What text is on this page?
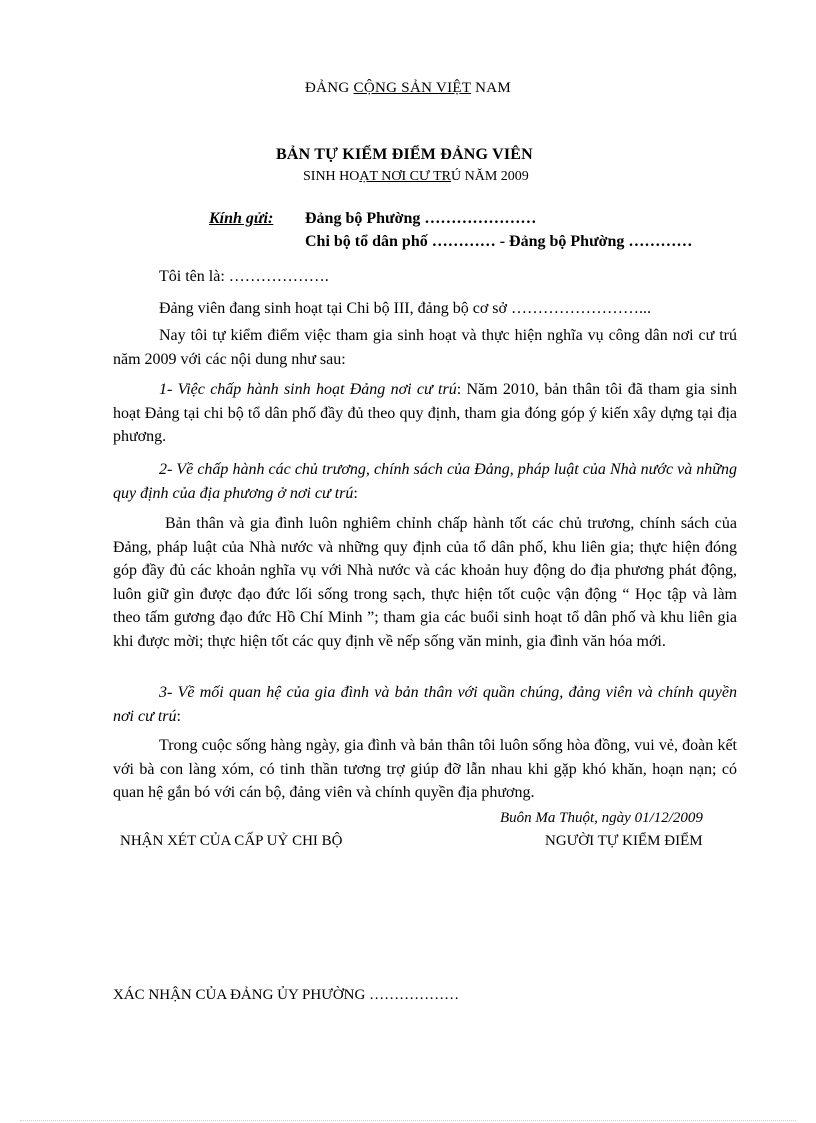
ĐẢNG CỘNG SẢN VIỆT NAM
BẢN TỰ KIỂM ĐIỂM ĐẢNG VIÊN
SINH HOẠT NƠI CƯ TRÚ NĂM 2009
Kính gửi: Đảng bộ Phường …………………
Chi bộ tổ dân phố ………… - Đảng bộ Phường …………
Tôi tên là: ……………….
Đảng viên đang sinh hoạt tại Chi bộ III, đảng bộ cơ sở ……………………...
Nay tôi tự kiểm điểm việc tham gia sinh hoạt và thực hiện nghĩa vụ công dân nơi cư trú năm 2009 với các nội dung như sau:
1- Việc chấp hành sinh hoạt Đảng nơi cư trú: Năm 2010, bản thân tôi đã tham gia sinh hoạt Đảng tại chi bộ tổ dân phố đầy đủ theo quy định, tham gia đóng góp ý kiến xây dựng tại địa phương.
2- Về chấp hành các chủ trương, chính sách của Đảng, pháp luật của Nhà nước và những quy định của địa phương ở nơi cư trú:
Bản thân và gia đình luôn nghiêm chỉnh chấp hành tốt các chủ trương, chính sách của Đảng, pháp luật của Nhà nước và những quy định của tổ dân phố, khu liên gia; thực hiện đóng góp đầy đủ các khoản nghĩa vụ với Nhà nước và các khoản huy động do địa phương phát động, luôn giữ gìn được đạo đức lối sống trong sạch, thực hiện tốt cuộc vận động “ Học tập và làm theo tấm gương đạo đức Hồ Chí Minh ”; tham gia các buổi sinh hoạt tổ dân phố và khu liên gia khi được mời; thực hiện tốt các quy định về nếp sống văn minh, gia đình văn hóa mới.
3- Về mối quan hệ của gia đình và bản thân với quần chúng, đảng viên và chính quyền nơi cư trú:
Trong cuộc sống hàng ngày, gia đình và bản thân tôi luôn sống hòa đồng, vui vẻ, đoàn kết với bà con làng xóm, có tinh thần tương trợ giúp đỡ lẫn nhau khi gặp khó khăn, hoạn nạn; có quan hệ gắn bó với cán bộ, đảng viên và chính quyền địa phương.
Buôn Ma Thuột, ngày 01/12/2009
NHẬN XÉT CỦA CẤP UỶ CHI BỘ	NGƯỜI TỰ KIỂM ĐIỂM
XÁC NHẬN CỦA ĐẢNG ỦY PHƯỜNG ………………
